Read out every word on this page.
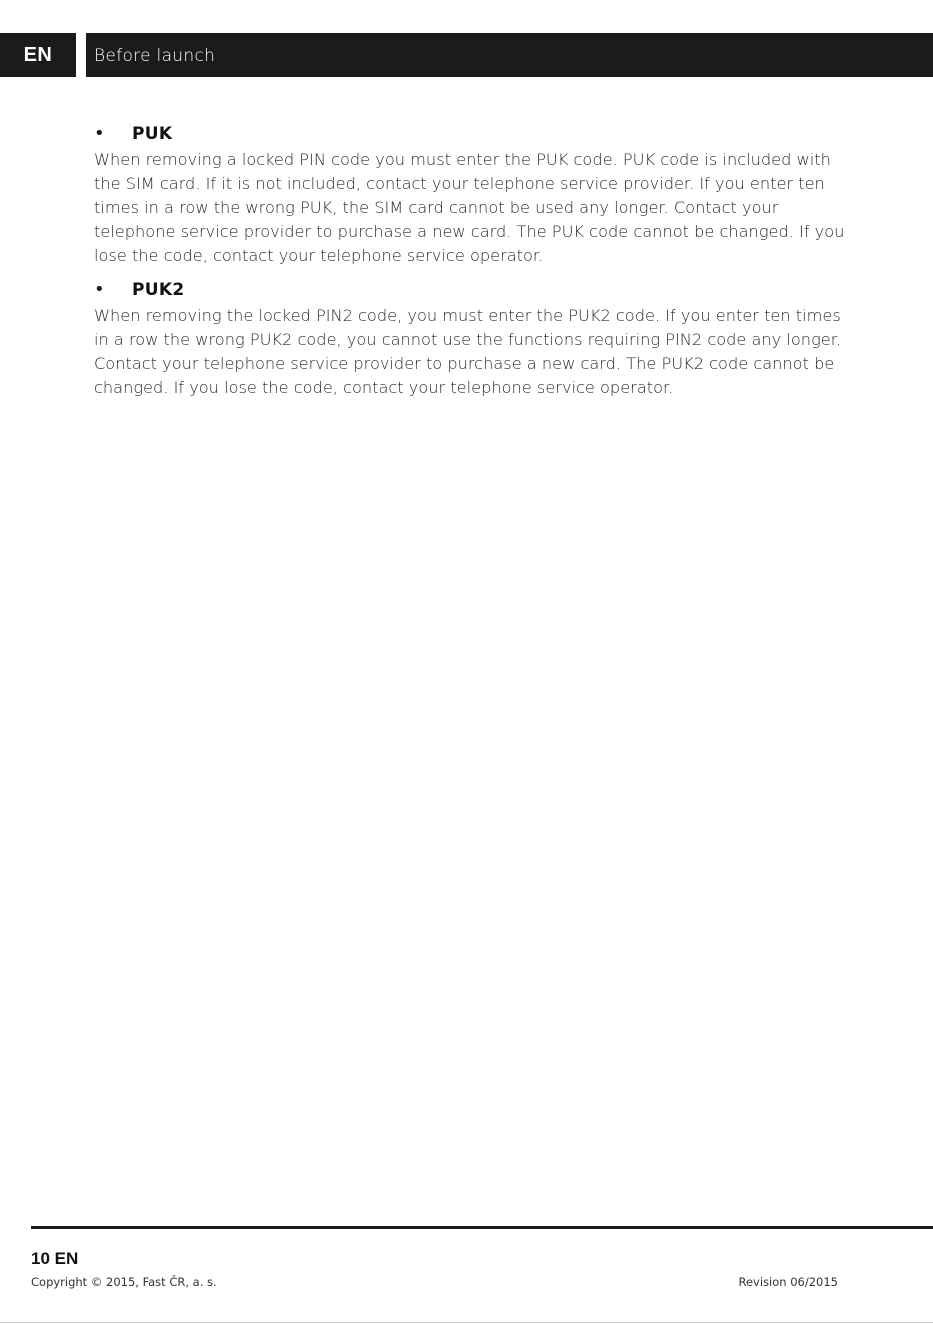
EN	Before launch
• PUK

When removing a locked PIN code you must enter the PUK code. PUK code is included with the SIM card. If it is not included, contact your telephone service provider. If you enter ten times in a row the wrong PUK, the SIM card cannot be used any longer. Contact your telephone service provider to purchase a new card. The PUK code cannot be changed. If you lose the code, contact your telephone service operator.

• PUK2

When removing the locked PIN2 code, you must enter the PUK2 code. If you enter ten times in a row the wrong PUK2 code, you cannot use the functions requiring PIN2 code any longer. Contact your telephone service provider to purchase a new card. The PUK2 code cannot be changed. If you lose the code, contact your telephone service operator.

10 EN
Copyright © 2015, Fast ČR, a. s.	Revision 06/2015
